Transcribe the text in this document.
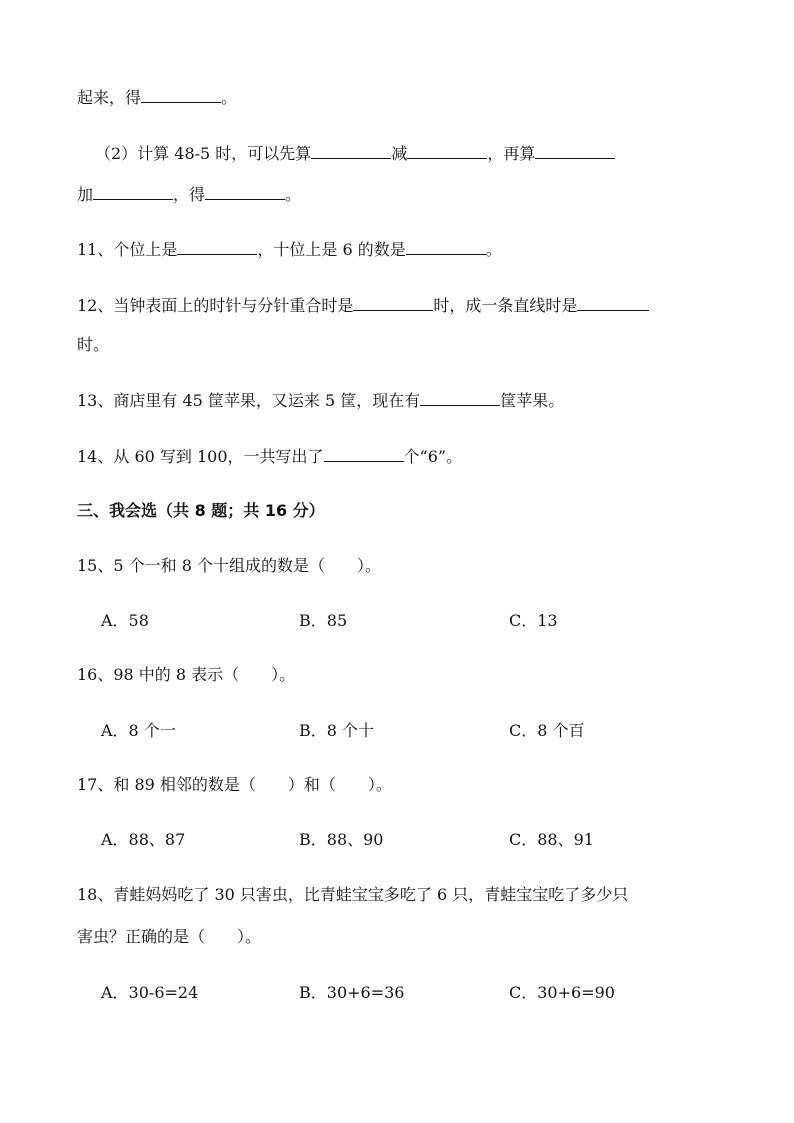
起来，得	。
（2）计算 48-5 时，可以先算	减	，再算
加	，得	。
11、个位上是	，十位上是 6 的数是	。
12、当钟表面上的时针与分针重合时是	时，成一条直线时是
时。
13、商店里有 45 筐苹果，又运来 5 筐，现在有	筐苹果。
14、从 60 写到 100，一共写出了	个“6”。
三、我会选（共 8 题；共 16 分）
15、5 个一和 8 个十组成的数是（ ）。
A．58	B．85	C．13
16、98 中的 8 表示（ ）。
A．8 个一	B．8 个十	C．8 个百
17、和 89 相邻的数是（ ）和（ ）。
A．88、87	B．88、90	C．88、91
18、青蛙妈妈吃了 30 只害虫，比青蛙宝宝多吃了 6 只，青蛙宝宝吃了多少只
害虫？正确的是（ ）。
A．30-6=24	B．30+6=36	C．30+6=90
